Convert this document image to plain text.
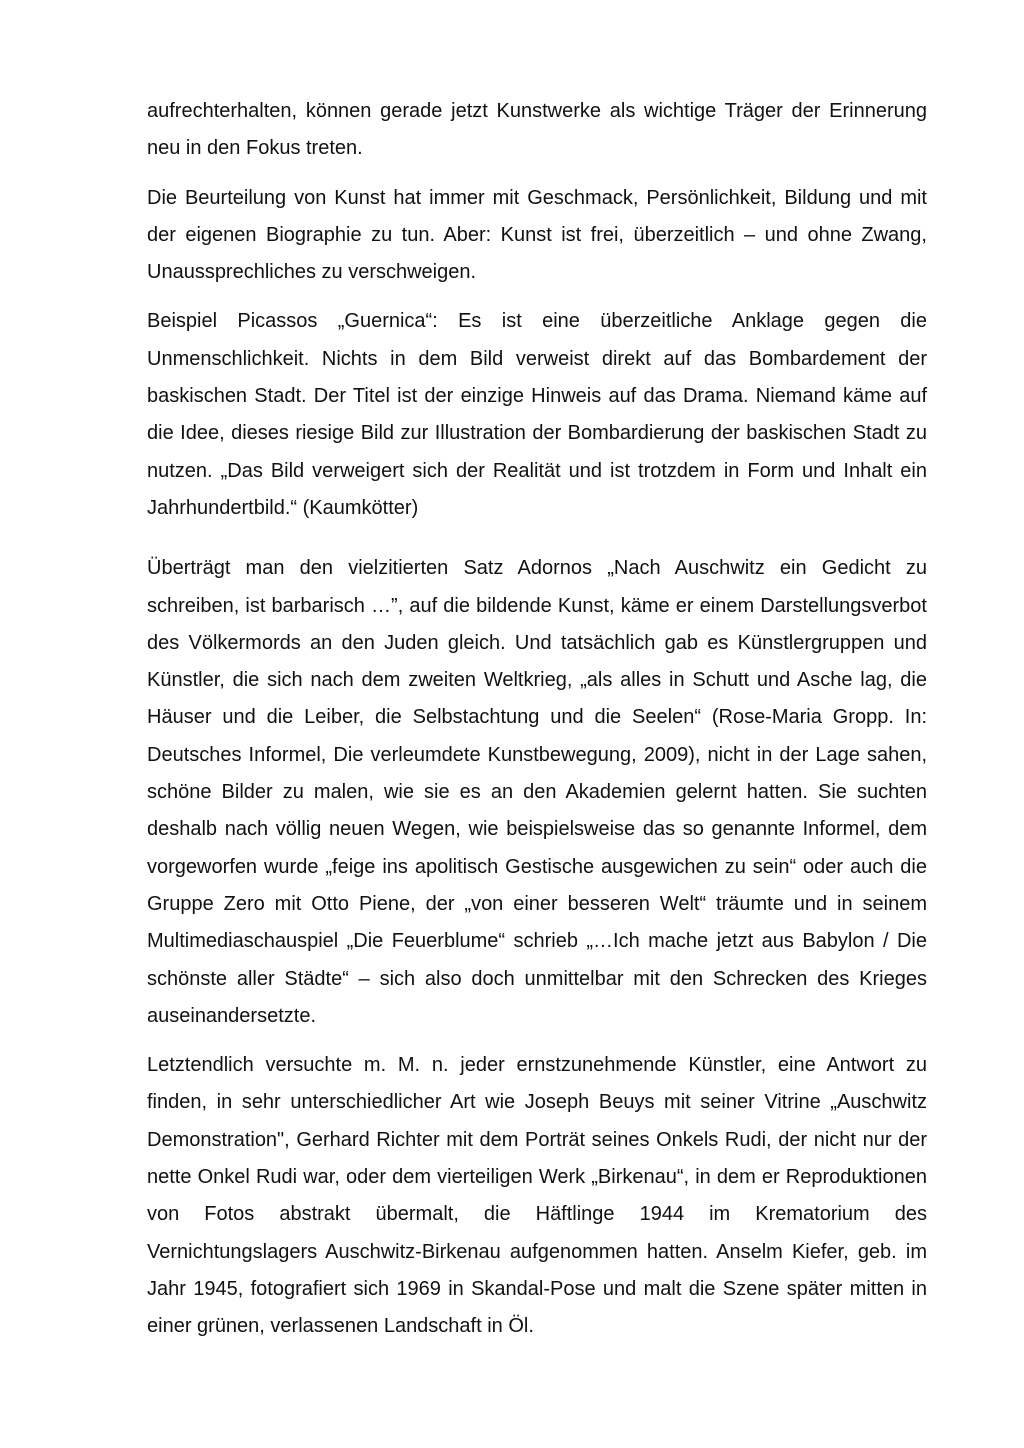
aufrechterhalten, können gerade jetzt Kunstwerke als wichtige Träger der Erinnerung neu in den Fokus treten.

Die Beurteilung von Kunst hat immer mit Geschmack, Persönlichkeit, Bildung und mit der eigenen Biographie zu tun. Aber: Kunst ist frei, überzeitlich – und ohne Zwang, Unaussprechliches zu verschweigen.

Beispiel Picassos „Guernica“: Es ist eine überzeitliche Anklage gegen die Unmenschlichkeit. Nichts in dem Bild verweist direkt auf das Bombardement der baskischen Stadt. Der Titel ist der einzige Hinweis auf das Drama. Niemand käme auf die Idee, dieses riesige Bild zur Illustration der Bombardierung der baskischen Stadt zu nutzen. „Das Bild verweigert sich der Realität und ist trotzdem in Form und Inhalt ein Jahrhundertbild.“ (Kaumkötter)

Überträgt man den vielzitierten Satz Adornos „Nach Auschwitz ein Gedicht zu schreiben, ist barbarisch …”, auf die bildende Kunst, käme er einem Darstellungsverbot des Völkermords an den Juden gleich. Und tatsächlich gab es Künstlergruppen und Künstler, die sich nach dem zweiten Weltkrieg, „als alles in Schutt und Asche lag, die Häuser und die Leiber, die Selbstachtung und die Seelen“ (Rose-Maria Gropp. In: Deutsches Informel, Die verleumdete Kunstbewegung, 2009), nicht in der Lage sahen, schöne Bilder zu malen, wie sie es an den Akademien gelernt hatten. Sie suchten deshalb nach völlig neuen Wegen, wie beispielsweise das so genannte Informel, dem vorgeworfen wurde „feige ins apolitisch Gestische ausgewichen zu sein“ oder auch die Gruppe Zero mit Otto Piene, der „von einer besseren Welt“ träumte und in seinem Multimediaschauspiel „Die Feuerblume“ schrieb „…Ich mache jetzt aus Babylon / Die schönste aller Städte“ – sich also doch unmittelbar mit den Schrecken des Krieges auseinandersetzte.

Letztendlich versuchte m. M. n. jeder ernstzunehmende Künstler, eine Antwort zu finden, in sehr unterschiedlicher Art wie Joseph Beuys mit seiner Vitrine „Auschwitz Demonstration", Gerhard Richter mit dem Porträt seines Onkels Rudi, der nicht nur der nette Onkel Rudi war, oder dem vierteiligen Werk „Birkenau“, in dem er Reproduktionen von Fotos abstrakt übermalt, die Häftlinge 1944 im Krematorium des Vernichtungslagers Auschwitz-Birkenau aufgenommen hatten. Anselm Kiefer, geb. im Jahr 1945, fotografiert sich 1969 in Skandal-Pose und malt die Szene später mitten in einer grünen, verlassenen Landschaft in Öl.
